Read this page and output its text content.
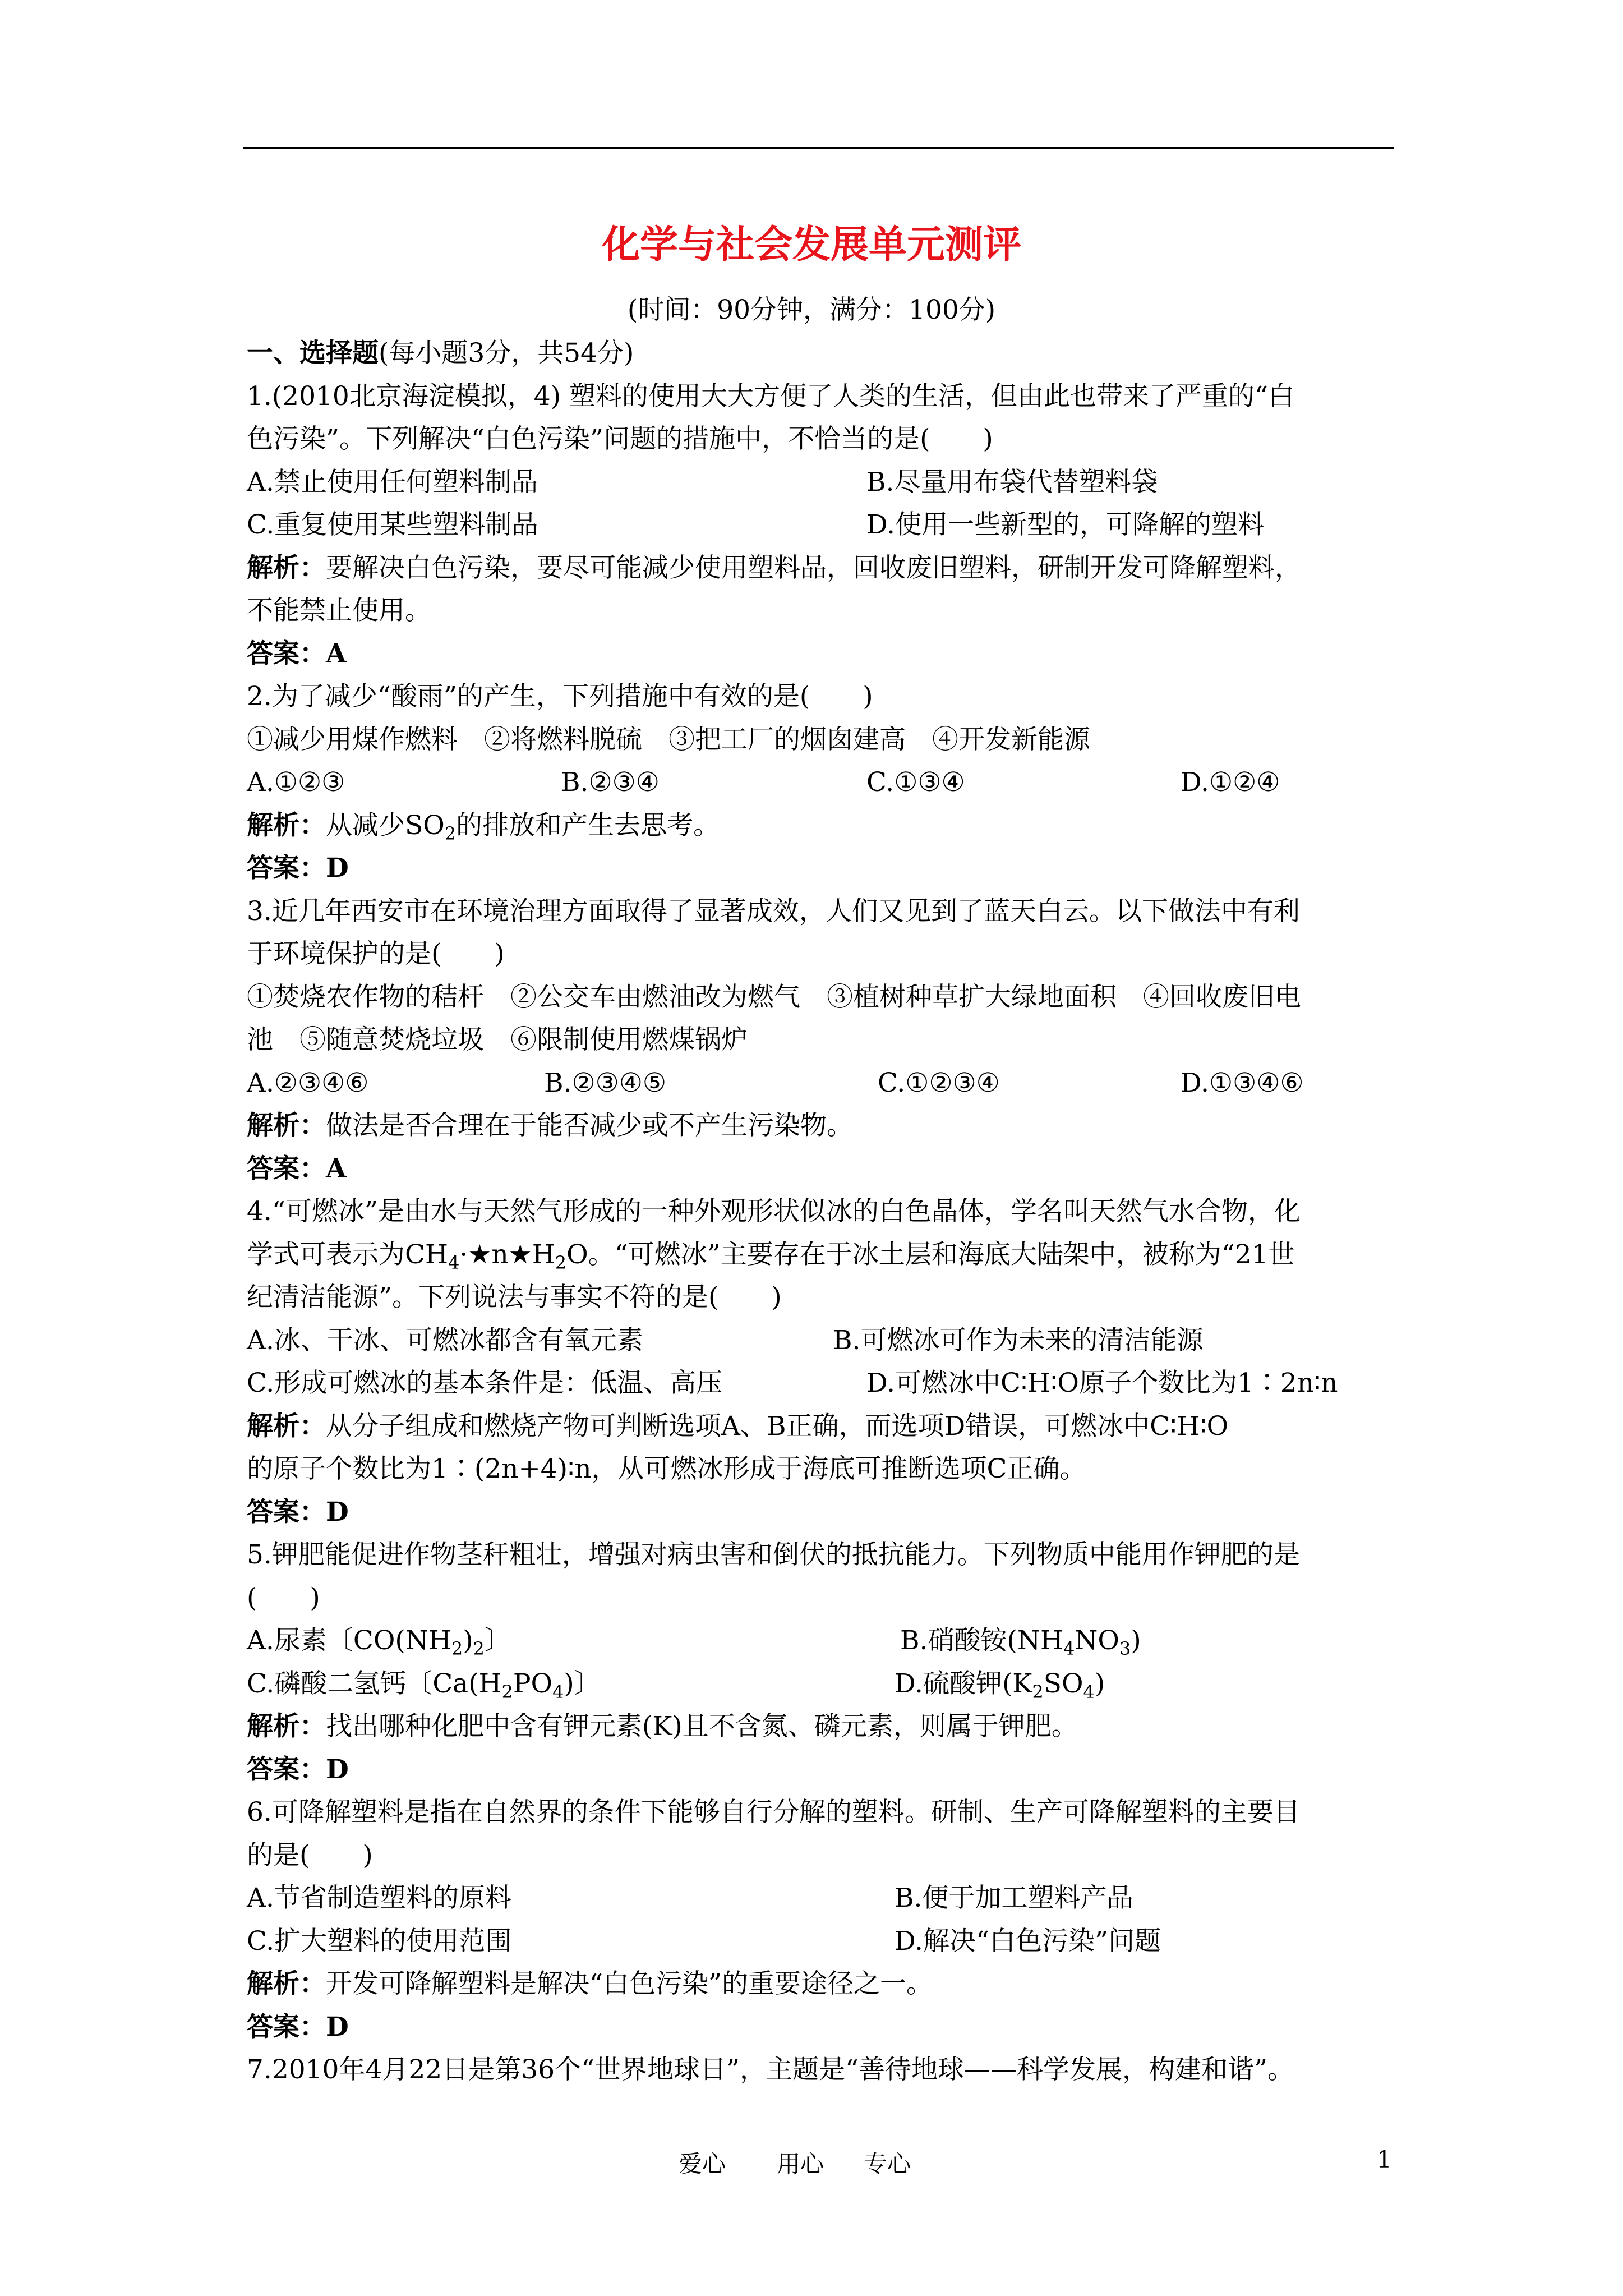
化学与社会发展单元测评
(时间：90分钟，满分：100分)
一、选择题(每小题3分，共54分)
1.(2010北京海淀模拟，4) 塑料的使用大大方便了人类的生活，但由此也带来了严重的“白
色污染”。下列解决“白色污染”问题的措施中，不恰当的是(　　)
A.禁止使用任何塑料制品	B.尽量用布袋代替塑料袋
C.重复使用某些塑料制品	D.使用一些新型的，可降解的塑料
解析：要解决白色污染，要尽可能减少使用塑料品，回收废旧塑料，研制开发可降解塑料，
不能禁止使用。
答案：A
2.为了减少“酸雨”的产生，下列措施中有效的是(　　)
①减少用煤作燃料　②将燃料脱硫　③把工厂的烟囱建高　④开发新能源
A.①②③	B.②③④	C.①③④	D.①②④
解析：从减少$SO_2$的排放和产生去思考。
答案：D
3.近几年西安市在环境治理方面取得了显著成效，人们又见到了蓝天白云。以下做法中有利
于环境保护的是(　　)
①焚烧农作物的秸杆　②公交车由燃油改为燃气　③植树种草扩大绿地面积　④回收废旧电
池　⑤随意焚烧垃圾　⑥限制使用燃煤锅炉
A.②③④⑥	B.②③④⑤	C.①②③④	D.①③④⑥
解析：做法是否合理在于能否减少或不产生污染物。
答案：A
4.“可燃冰”是由水与天然气形成的一种外观形状似冰的白色晶体，学名叫天然气水合物，化
学式可表示为$CH_4\cdot★n★H_2O$。“可燃冰”主要存在于冰土层和海底大陆架中，被称为“21世
纪清洁能源”。下列说法与事实不符的是(　　)
A.冰、干冰、可燃冰都含有氧元素	B.可燃冰可作为未来的清洁能源
C.形成可燃冰的基本条件是：低温、高压	D.可燃冰中C∶H∶O原子个数比为1∶2n∶n
解析：从分子组成和燃烧产物可判断选项A、B正确，而选项D错误，可燃冰中C∶H∶O
的原子个数比为1∶(2n+4)∶n，从可燃冰形成于海底可推断选项C正确。
答案：D
5.钾肥能促进作物茎秆粗壮，增强对病虫害和倒伏的抵抗能力。下列物质中能用作钾肥的是
(　　)
A.尿素〔$CO(NH_2)_2$〕	B.硝酸铵$(NH_4NO_3)$
C.磷酸二氢钙〔$Ca(H_2PO_4)$〕	D.硫酸钾$(K_2SO_4)$
解析：找出哪种化肥中含有钾元素(K)且不含氮、磷元素，则属于钾肥。
答案：D
6.可降解塑料是指在自然界的条件下能够自行分解的塑料。研制、生产可降解塑料的主要目
的是(　　)
A.节省制造塑料的原料	B.便于加工塑料产品
C.扩大塑料的使用范围	D.解决“白色污染”问题
解析：开发可降解塑料是解决“白色污染”的重要途径之一。
答案：D
7.2010年4月22日是第36个“世界地球日”，主题是“善待地球——科学发展，构建和谐”。
爱心 用心 专心	1
